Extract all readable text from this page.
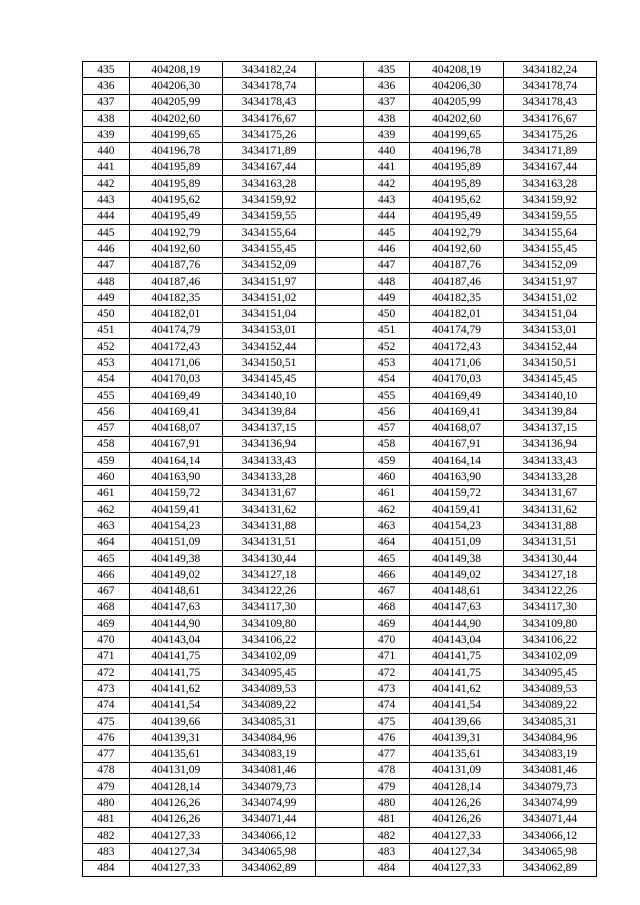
435	404208,19	3434182,24		435	404208,19	3434182,24
436	404206,30	3434178,74		436	404206,30	3434178,74
437	404205,99	3434178,43		437	404205,99	3434178,43
438	404202,60	3434176,67		438	404202,60	3434176,67
439	404199,65	3434175,26		439	404199,65	3434175,26
440	404196,78	3434171,89		440	404196,78	3434171,89
441	404195,89	3434167,44		441	404195,89	3434167,44
442	404195,89	3434163,28		442	404195,89	3434163,28
443	404195,62	3434159,92		443	404195,62	3434159,92
444	404195,49	3434159,55		444	404195,49	3434159,55
445	404192,79	3434155,64		445	404192,79	3434155,64
446	404192,60	3434155,45		446	404192,60	3434155,45
447	404187,76	3434152,09		447	404187,76	3434152,09
448	404187,46	3434151,97		448	404187,46	3434151,97
449	404182,35	3434151,02		449	404182,35	3434151,02
450	404182,01	3434151,04		450	404182,01	3434151,04
451	404174,79	3434153,01		451	404174,79	3434153,01
452	404172,43	3434152,44		452	404172,43	3434152,44
453	404171,06	3434150,51		453	404171,06	3434150,51
454	404170,03	3434145,45		454	404170,03	3434145,45
455	404169,49	3434140,10		455	404169,49	3434140,10
456	404169,41	3434139,84		456	404169,41	3434139,84
457	404168,07	3434137,15		457	404168,07	3434137,15
458	404167,91	3434136,94		458	404167,91	3434136,94
459	404164,14	3434133,43		459	404164,14	3434133,43
460	404163,90	3434133,28		460	404163,90	3434133,28
461	404159,72	3434131,67		461	404159,72	3434131,67
462	404159,41	3434131,62		462	404159,41	3434131,62
463	404154,23	3434131,88		463	404154,23	3434131,88
464	404151,09	3434131,51		464	404151,09	3434131,51
465	404149,38	3434130,44		465	404149,38	3434130,44
466	404149,02	3434127,18		466	404149,02	3434127,18
467	404148,61	3434122,26		467	404148,61	3434122,26
468	404147,63	3434117,30		468	404147,63	3434117,30
469	404144,90	3434109,80		469	404144,90	3434109,80
470	404143,04	3434106,22		470	404143,04	3434106,22
471	404141,75	3434102,09		471	404141,75	3434102,09
472	404141,75	3434095,45		472	404141,75	3434095,45
473	404141,62	3434089,53		473	404141,62	3434089,53
474	404141,54	3434089,22		474	404141,54	3434089,22
475	404139,66	3434085,31		475	404139,66	3434085,31
476	404139,31	3434084,96		476	404139,31	3434084,96
477	404135,61	3434083,19		477	404135,61	3434083,19
478	404131,09	3434081,46		478	404131,09	3434081,46
479	404128,14	3434079,73		479	404128,14	3434079,73
480	404126,26	3434074,99		480	404126,26	3434074,99
481	404126,26	3434071,44		481	404126,26	3434071,44
482	404127,33	3434066,12		482	404127,33	3434066,12
483	404127,34	3434065,98		483	404127,34	3434065,98
484	404127,33	3434062,89		484	404127,33	3434062,89
